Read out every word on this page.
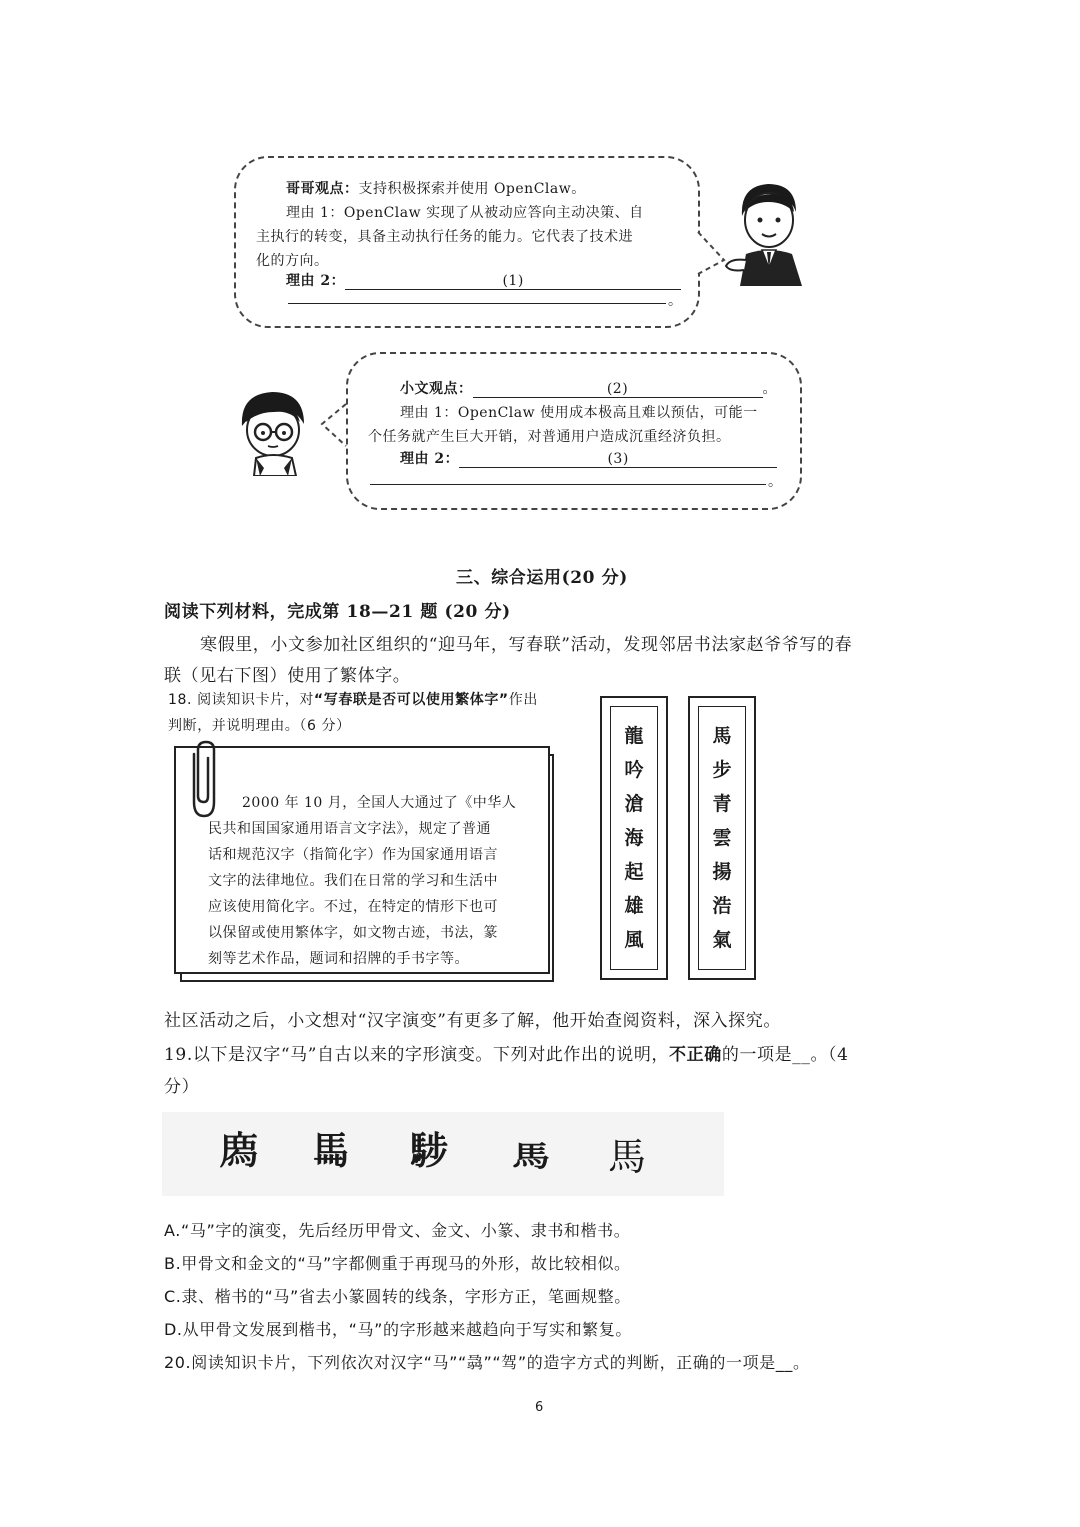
哥哥观点：支持积极探索并使用 OpenClaw。
理由 1：OpenClaw 实现了从被动应答向主动决策、自
主执行的转变，具备主动执行任务的能力。它代表了技术进
化的方向。
理由 2：	(1)
。
小文观点：	(2)	。
理由 1：OpenClaw 使用成本极高且难以预估，可能一
个任务就产生巨大开销，对普通用户造成沉重经济负担。
理由 2：	(3)
。
三、综合运用(20 分)
阅读下列材料，完成第 18—21 题 (20 分)
寒假里，小文参加社区组织的“迎马年，写春联”活动，发现邻居书法家赵爷爷写的春
联（见右下图）使用了繁体字。
18. 阅读知识卡片，对“写春联是否可以使用繁体字”作出
判断，并说明理由。（6 分）
2000 年 10 月，全国人大通过了《中华人
民共和国国家通用语言文字法》，规定了普通
话和规范汉字（指简化字）作为国家通用语言
文字的法律地位。我们在日常的学习和生活中
应该使用简化字。不过，在特定的情形下也可
以保留或使用繁体字，如文物古迹，书法，篆
刻等艺术作品，题词和招牌的手书字等。
龍
吟
滄
海
起
雄
風
馬
步
青
雲
揚
浩
氣
社区活动之后，小文想对“汉字演变”有更多了解，他开始查阅资料，深入探究。
19.以下是汉字“马”自古以来的字形演变。下列对此作出的说明，不正确的一项是__。（4
分）
𢊁 𩡧 𩣝 馬 馬
A.“马”字的演变，先后经历甲骨文、金文、小篆、隶书和楷书。
B.甲骨文和金文的“马”字都侧重于再现马的外形，故比较相似。
C.隶、楷书的“马”省去小篆圆转的线条，字形方正，笔画规整。
D.从甲骨文发展到楷书，“马”的字形越来越趋向于写实和繁复。
20.阅读知识卡片，下列依次对汉字“马”“骉”“驾”的造字方式的判断，正确的一项是__。
6
